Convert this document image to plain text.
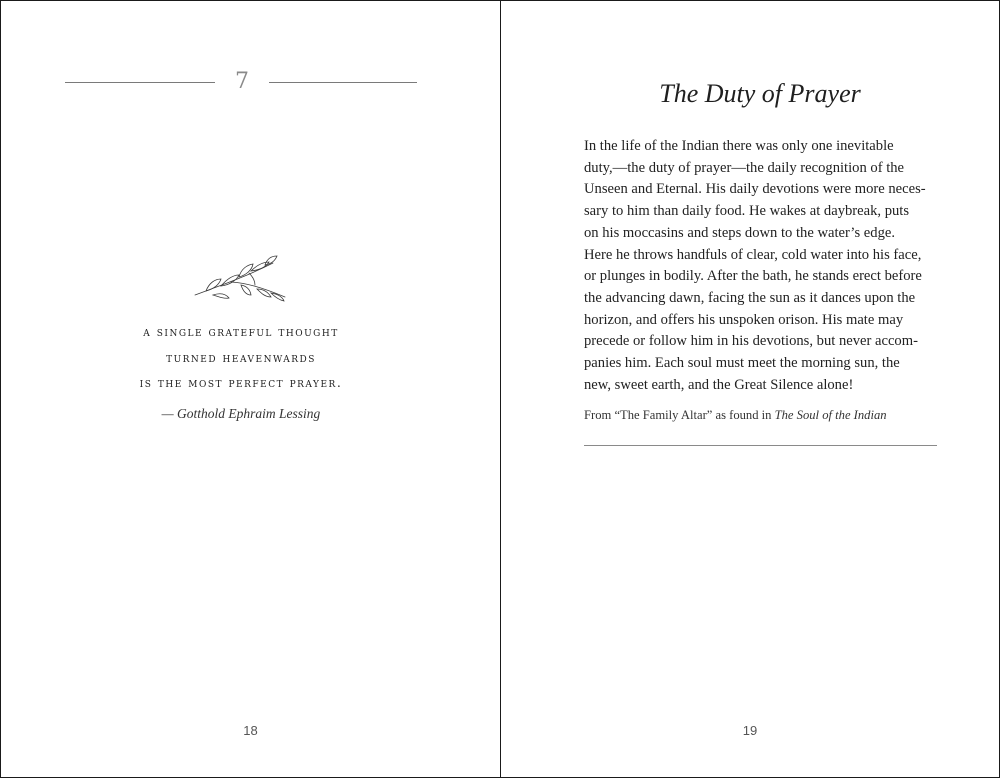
7
a single grateful thought
turned heavenwards
is the most perfect prayer.
— Gotthold Ephraim Lessing
18
The Duty of Prayer
In the life of the Indian there was only one inevitable
duty,—the duty of prayer—the daily recognition of the
Unseen and Eternal. His daily devotions were more neces-
sary to him than daily food. He wakes at daybreak, puts
on his moccasins and steps down to the water’s edge.
Here he throws handfuls of clear, cold water into his face,
or plunges in bodily. After the bath, he stands erect before
the advancing dawn, facing the sun as it dances upon the
horizon, and offers his unspoken orison. His mate may
precede or follow him in his devotions, but never accom-
panies him. Each soul must meet the morning sun, the
new, sweet earth, and the Great Silence alone!
From “The Family Altar” as found in The Soul of the Indian
19
